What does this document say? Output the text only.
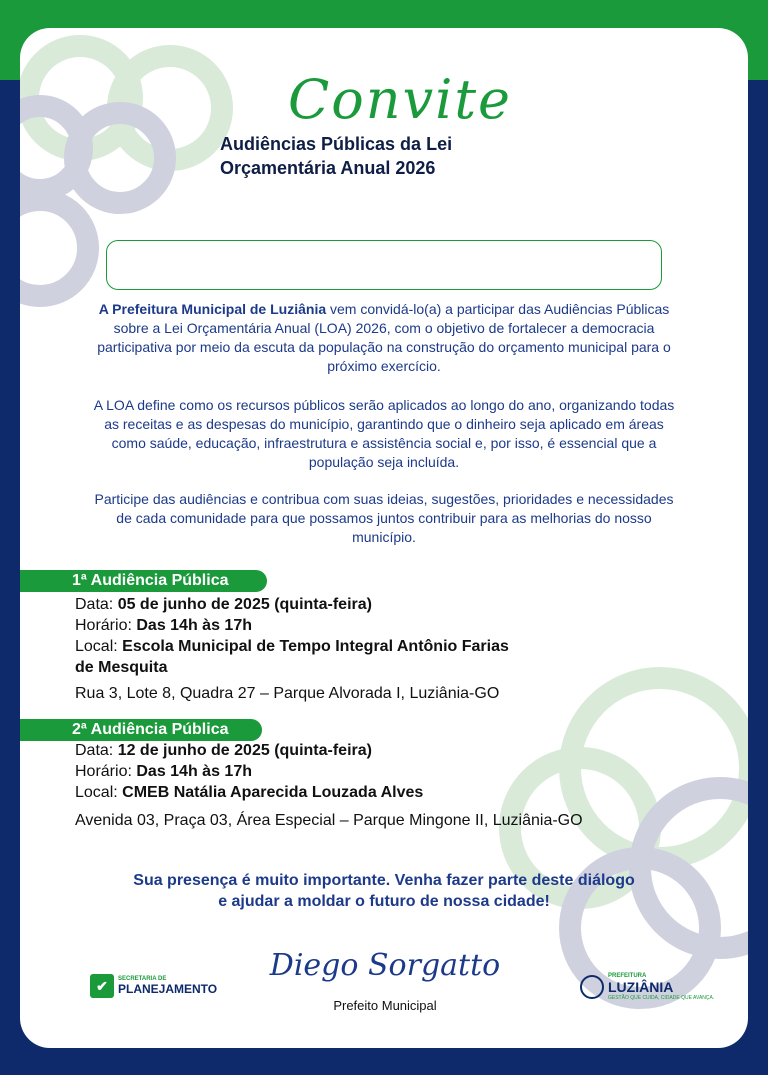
Convite
Audiências Públicas da Lei
Orçamentária Anual 2026
A Prefeitura Municipal de Luziânia vem convidá-lo(a) a participar das Audiências Públicas sobre a Lei Orçamentária Anual (LOA) 2026, com o objetivo de fortalecer a democracia participativa por meio da escuta da população na construção do orçamento municipal para o próximo exercício.
A LOA define como os recursos públicos serão aplicados ao longo do ano, organizando todas as receitas e as despesas do município, garantindo que o dinheiro seja aplicado em áreas como saúde, educação, infraestrutura e assistência social e, por isso, é essencial que a população seja incluída.
Participe das audiências e contribua com suas ideias, sugestões, prioridades e necessidades de cada comunidade para que possamos juntos contribuir para as melhorias do nosso município.
1ª Audiência Pública
Data: 05 de junho de 2025 (quinta-feira)
Horário: Das 14h às 17h
Local: Escola Municipal de Tempo Integral Antônio Farias
de Mesquita
Rua 3, Lote 8, Quadra 27 – Parque Alvorada I, Luziânia-GO
2ª Audiência Pública
Data: 12 de junho de 2025 (quinta-feira)
Horário: Das 14h às 17h
Local: CMEB Natália Aparecida Louzada Alves
Avenida 03, Praça 03, Área Especial – Parque Mingone II, Luziânia-GO
Sua presença é muito importante. Venha fazer parte deste diálogo
e ajudar a moldar o futuro de nossa cidade!
✔	SECRETARIA DE
PLANEJAMENTO
Diego Sorgatto
Prefeito Municipal
PREFEITURA
LUZIÂNIA
GESTÃO QUE CUIDA, CIDADE QUE AVANÇA.
